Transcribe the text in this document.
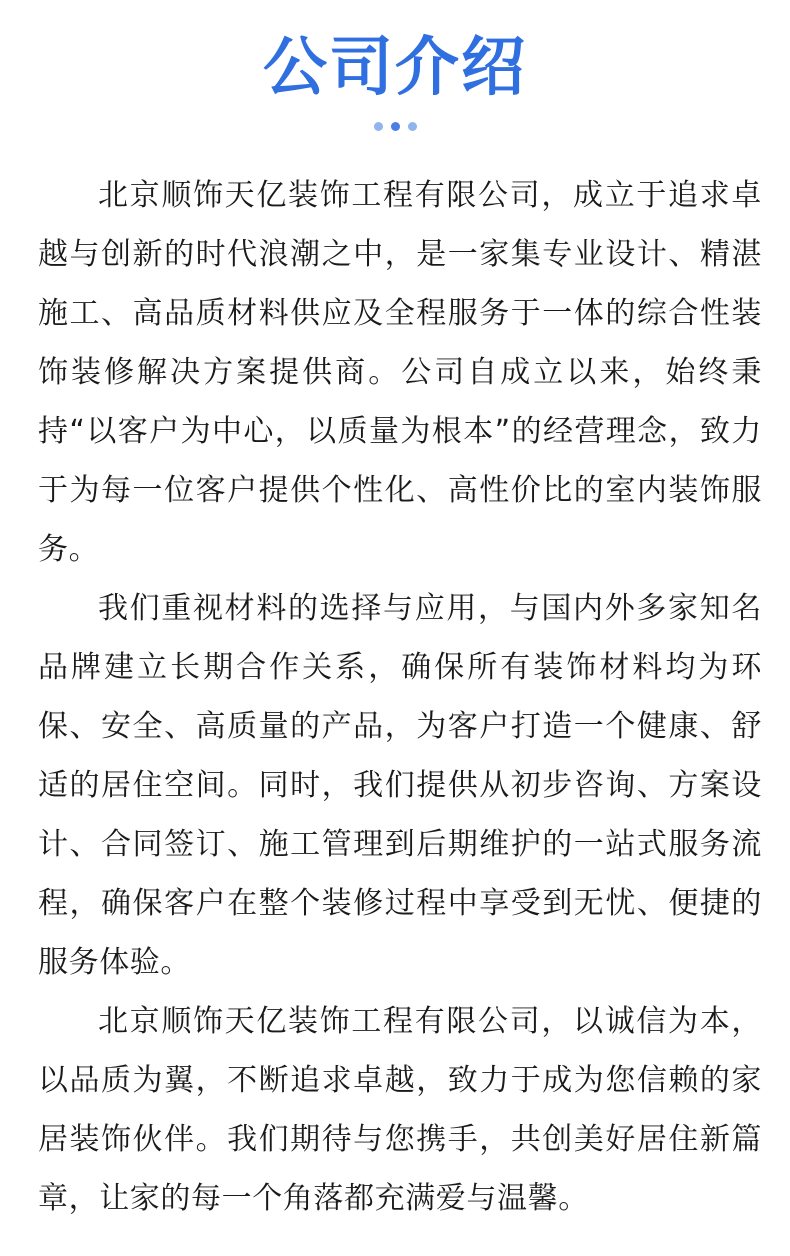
公司介绍

北京顺饰天亿装饰工程有限公司，成立于追求卓越与创新的时代浪潮之中，是一家集专业设计、精湛施工、高品质材料供应及全程服务于一体的综合性装饰装修解决方案提供商。公司自成立以来，始终秉持“以客户为中心，以质量为根本”的经营理念，致力于为每一位客户提供个性化、高性价比的室内装饰服务。

我们重视材料的选择与应用，与国内外多家知名品牌建立长期合作关系，确保所有装饰材料均为环保、安全、高质量的产品，为客户打造一个健康、舒适的居住空间。同时，我们提供从初步咨询、方案设计、合同签订、施工管理到后期维护的一站式服务流程，确保客户在整个装修过程中享受到无忧、便捷的服务体验。

北京顺饰天亿装饰工程有限公司，以诚信为本，以品质为翼，不断追求卓越，致力于成为您信赖的家居装饰伙伴。我们期待与您携手，共创美好居住新篇章，让家的每一个角落都充满爱与温馨。
